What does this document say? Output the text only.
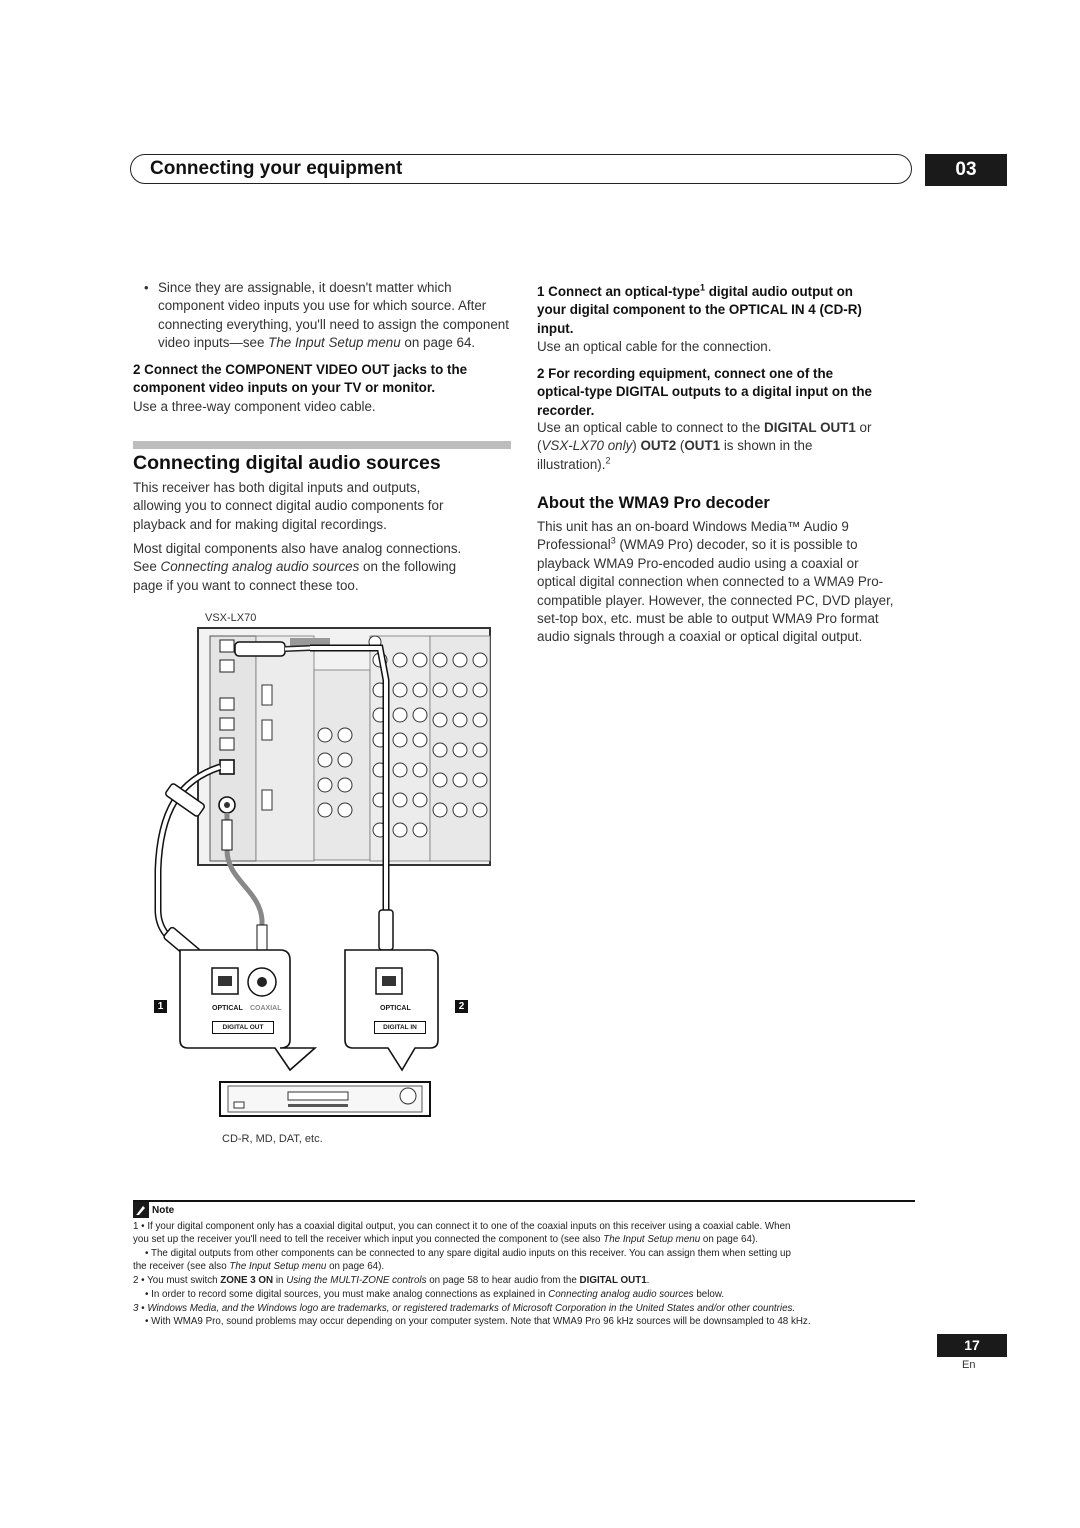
Connecting your equipment	03
• Since they are assignable, it doesn't matter which
component video inputs you use for which source. After
connecting everything, you'll need to assign the component
video inputs—see The Input Setup menu on page 64.
2 Connect the COMPONENT VIDEO OUT jacks to the
component video inputs on your TV or monitor.
Use a three-way component video cable.
Connecting digital audio sources
This receiver has both digital inputs and outputs,
allowing you to connect digital audio components for
playback and for making digital recordings.
Most digital components also have analog connections.
See Connecting analog audio sources on the following
page if you want to connect these too.
1 Connect an optical-type$^1$ digital audio output on
your digital component to the OPTICAL IN 4 (CD-R)
input.
Use an optical cable for the connection.
2 For recording equipment, connect one of the
optical-type DIGITAL outputs to a digital input on the
recorder.
Use an optical cable to connect to the DIGITAL OUT1 or
(VSX-LX70 only) OUT2 (OUT1 is shown in the
illustration).$^2$
About the WMA9 Pro decoder
This unit has an on-board Windows Media™ Audio 9
Professional$^3$ (WMA9 Pro) decoder, so it is possible to
playback WMA9 Pro-encoded audio using a coaxial or
optical digital connection when connected to a WMA9 Pro-
compatible player. However, the connected PC, DVD player,
set-top box, etc. must be able to output WMA9 Pro format
audio signals through a coaxial or optical digital output.
VSX-LX70
1	2
OPTICAL COAXIAL
DIGITAL OUT
OPTICAL
DIGITAL IN
CD-R, MD, DAT, etc.
Note
1 • If your digital component only has a coaxial digital output, you can connect it to one of the coaxial inputs on this receiver using a coaxial cable. When
you set up the receiver you'll need to tell the receiver which input you connected the component to (see also The Input Setup menu on page 64).
• The digital outputs from other components can be connected to any spare digital audio inputs on this receiver. You can assign them when setting up
the receiver (see also The Input Setup menu on page 64).
2 • You must switch ZONE 3 ON in Using the MULTI-ZONE controls on page 58 to hear audio from the DIGITAL OUT1.
• In order to record some digital sources, you must make analog connections as explained in Connecting analog audio sources below.
3 • Windows Media, and the Windows logo are trademarks, or registered trademarks of Microsoft Corporation in the United States and/or other countries.
• With WMA9 Pro, sound problems may occur depending on your computer system. Note that WMA9 Pro 96 kHz sources will be downsampled to 48 kHz.
17
En
